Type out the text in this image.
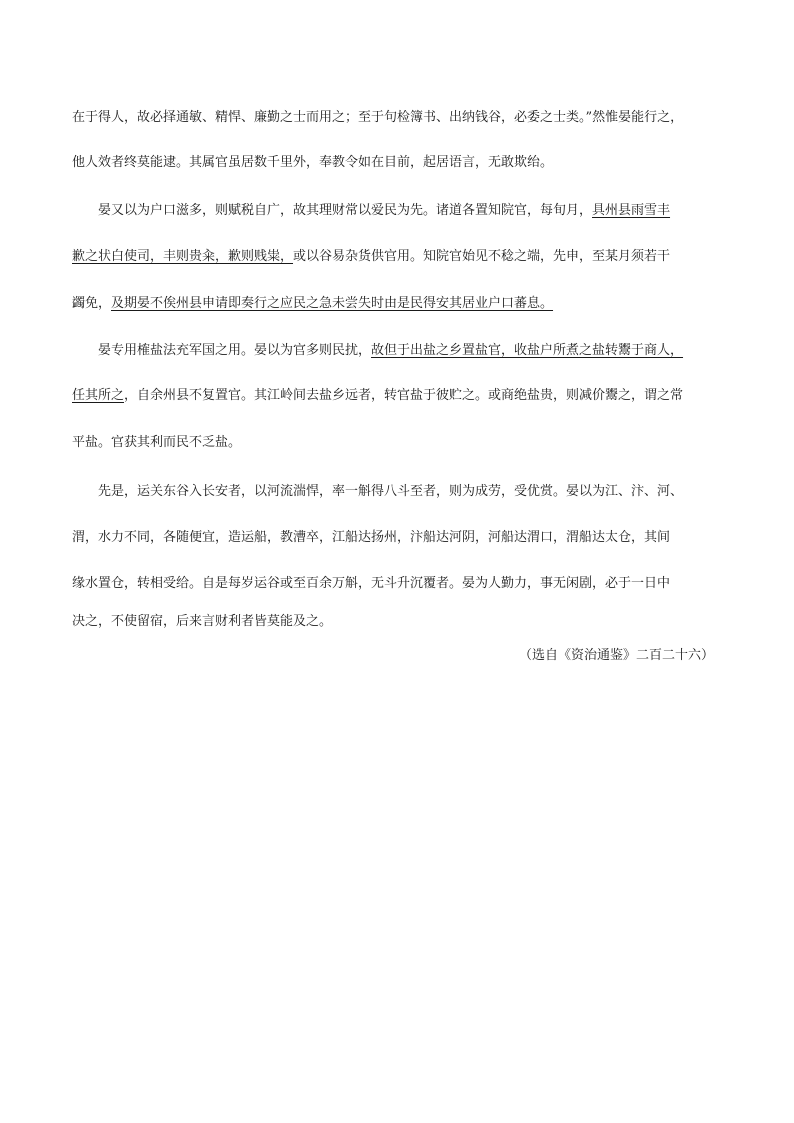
在于得人，故必择通敏、精悍、廉勤之士而用之；至于句检簿书、出纳钱谷，必委之士类。”然惟晏能行之，
他人效者终莫能逮。其属官虽居数千里外，奉教令如在目前，起居语言，无敢欺绐。
晏又以为户口滋多，则赋税自广，故其理财常以爱民为先。诸道各置知院官，每旬月，具州县雨雪丰
歉之状白使司，丰则贵籴，歉则贱粜，或以谷易杂货供官用。知院官始见不稔之端，先申，至某月须若干
蠲免，及期晏不俟州县申请即奏行之应民之急未尝失时由是民得安其居业户口蕃息。
晏专用榷盐法充军国之用。晏以为官多则民扰，故但于出盐之乡置盐官，收盐户所煮之盐转鬻于商人，
任其所之，自余州县不复置官。其江岭间去盐乡远者，转官盐于彼贮之。或商绝盐贵，则减价鬻之，谓之常
平盐。官获其利而民不乏盐。
先是，运关东谷入长安者，以河流湍悍，率一斛得八斗至者，则为成劳，受优赏。晏以为江、汴、河、
渭，水力不同，各随便宜，造运船，教漕卒，江船达扬州，汴船达河阴，河船达渭口，渭船达太仓，其间
缘水置仓，转相受给。自是每岁运谷或至百余万斛，无斗升沉覆者。晏为人勤力，事无闲剧，必于一日中
决之，不使留宿，后来言财利者皆莫能及之。
（选自《资治通鉴》二百二十六）
